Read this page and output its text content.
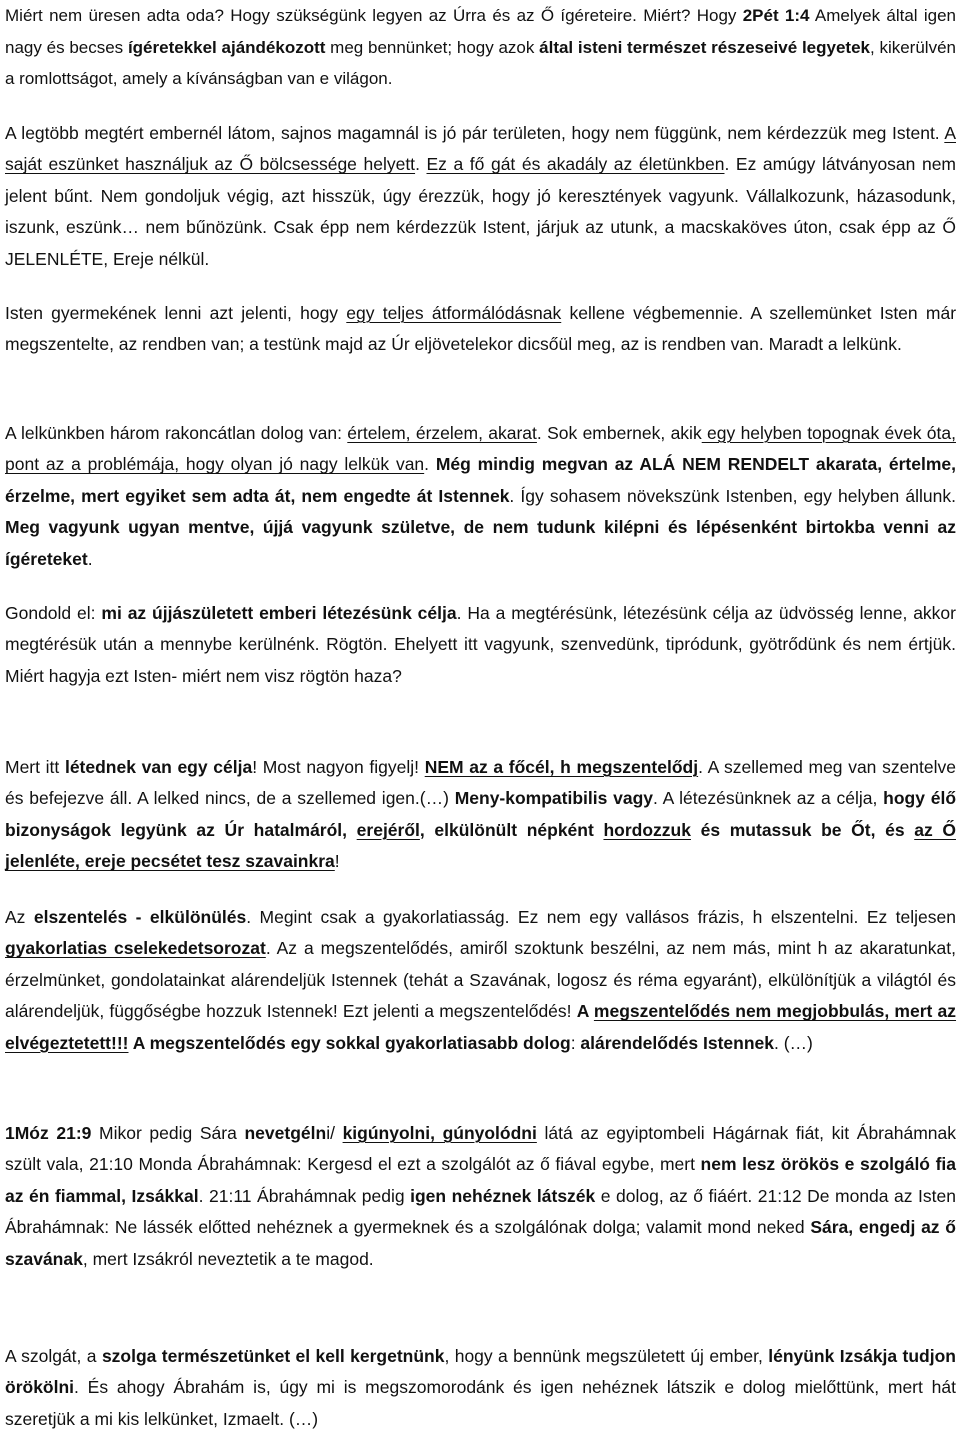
Miért nem üresen adta oda? Hogy szükségünk legyen az Úrra és az Ő ígéreteire. Miért? Hogy 2Pét 1:4 Amelyek által igen nagy és becses ígéretekkel ajándékozott meg bennünket; hogy azok által isteni természet részeseivé legyetek, kikerülvén a romlottságot, amely a kívánságban van e világon.

A legtöbb megtért embernél látom, sajnos magamnál is jó pár területen, hogy nem függünk, nem kérdezzük meg Istent. A saját eszünket használjuk az Ő bölcsessége helyett. Ez a fő gát és akadály az életünkben. Ez amúgy látványosan nem jelent bűnt. Nem gondoljuk végig, azt hisszük, úgy érezzük, hogy jó keresztények vagyunk. Vállalkozunk, házasodunk, iszunk, eszünk… nem bűnözünk. Csak épp nem kérdezzük Istent, járjuk az utunk, a macskaköves úton, csak épp az Ő JELENLÉTE, Ereje nélkül.

Isten gyermekének lenni azt jelenti, hogy egy teljes átformálódásnak kellene végbemennie. A szellemünket Isten már megszentelte, az rendben van; a testünk majd az Úr eljövetelekor dicsőül meg, az is rendben van. Maradt a lelkünk.

A lelkünkben három rakoncátlan dolog van: értelem, érzelem, akarat. Sok embernek, akik egy helyben topognak évek óta, pont az a problémája, hogy olyan jó nagy lelkük van. Még mindig megvan az ALÁ NEM RENDELT akarata, értelme, érzelme, mert egyiket sem adta át, nem engedte át Istennek. Így sohasem növekszünk Istenben, egy helyben állunk. Meg vagyunk ugyan mentve, újjá vagyunk születve, de nem tudunk kilépni és lépésenként birtokba venni az ígéreteket.

Gondold el: mi az újjászületett emberi létezésünk célja. Ha a megtérésünk, létezésünk célja az üdvösség lenne, akkor megtérésük után a mennybe kerülnénk. Rögtön. Ehelyett itt vagyunk, szenvedünk, tipródunk, gyötrődünk és nem értjük. Miért hagyja ezt Isten- miért nem visz rögtön haza?

Mert itt létednek van egy célja! Most nagyon figyelj! NEM az a főcél, h megszentelődj. A szellemed meg van szentelve és befejezve áll. A lelked nincs, de a szellemed igen.(…) Meny-kompatibilis vagy. A létezésünknek az a célja, hogy élő bizonyságok legyünk az Úr hatalmáról, erejéről, elkülönült népként hordozzuk és mutassuk be Őt, és az Ő jelenléte, ereje pecsétet tesz szavainkra!

Az elszentelés - elkülönülés. Megint csak a gyakorlatiasság. Ez nem egy vallásos frázis, h elszentelni. Ez teljesen gyakorlatias cselekedetsorozat. Az a megszentelődés, amiről szoktunk beszélni, az nem más, mint h az akaratunkat, érzelmünket, gondolatainkat alárendeljük Istennek (tehát a Szavának, logosz és réma egyaránt), elkülönítjük a világtól és alárendeljük, függőségbe hozzuk Istennek! Ezt jelenti a megszentelődés! A megszentelődés nem megjobbulás, mert az elvégeztetett!!! A megszentelődés egy sokkal gyakorlatiasabb dolog: alárendelődés Istennek. (…)

1Móz 21:9 Mikor pedig Sára nevetgélni/ kigúnyolni, gúnyolódni látá az egyiptombeli Hágárnak fiát, kit Ábrahámnak szült vala, 21:10 Monda Ábrahámnak: Kergesd el ezt a szolgálót az ő fiával egybe, mert nem lesz örökös e szolgáló fia az én fiammal, Izsákkal. 21:11 Ábrahámnak pedig igen nehéznek látszék e dolog, az ő fiáért. 21:12 De monda az Isten Ábrahámnak: Ne lássék előtted nehéznek a gyermeknek és a szolgálónak dolga; valamit mond neked Sára, engedj az ő szavának, mert Izsákról neveztetik a te magod.

A szolgát, a szolga természetünket el kell kergetnünk, hogy a bennünk megszületett új ember, lényünk Izsákja tudjon örökölni. És ahogy Ábrahám is, úgy mi is megszomorodánk és igen nehéznek látszik e dolog mielőttünk, mert hát szeretjük a mi kis lelkünket, Izmaelt. (…)
